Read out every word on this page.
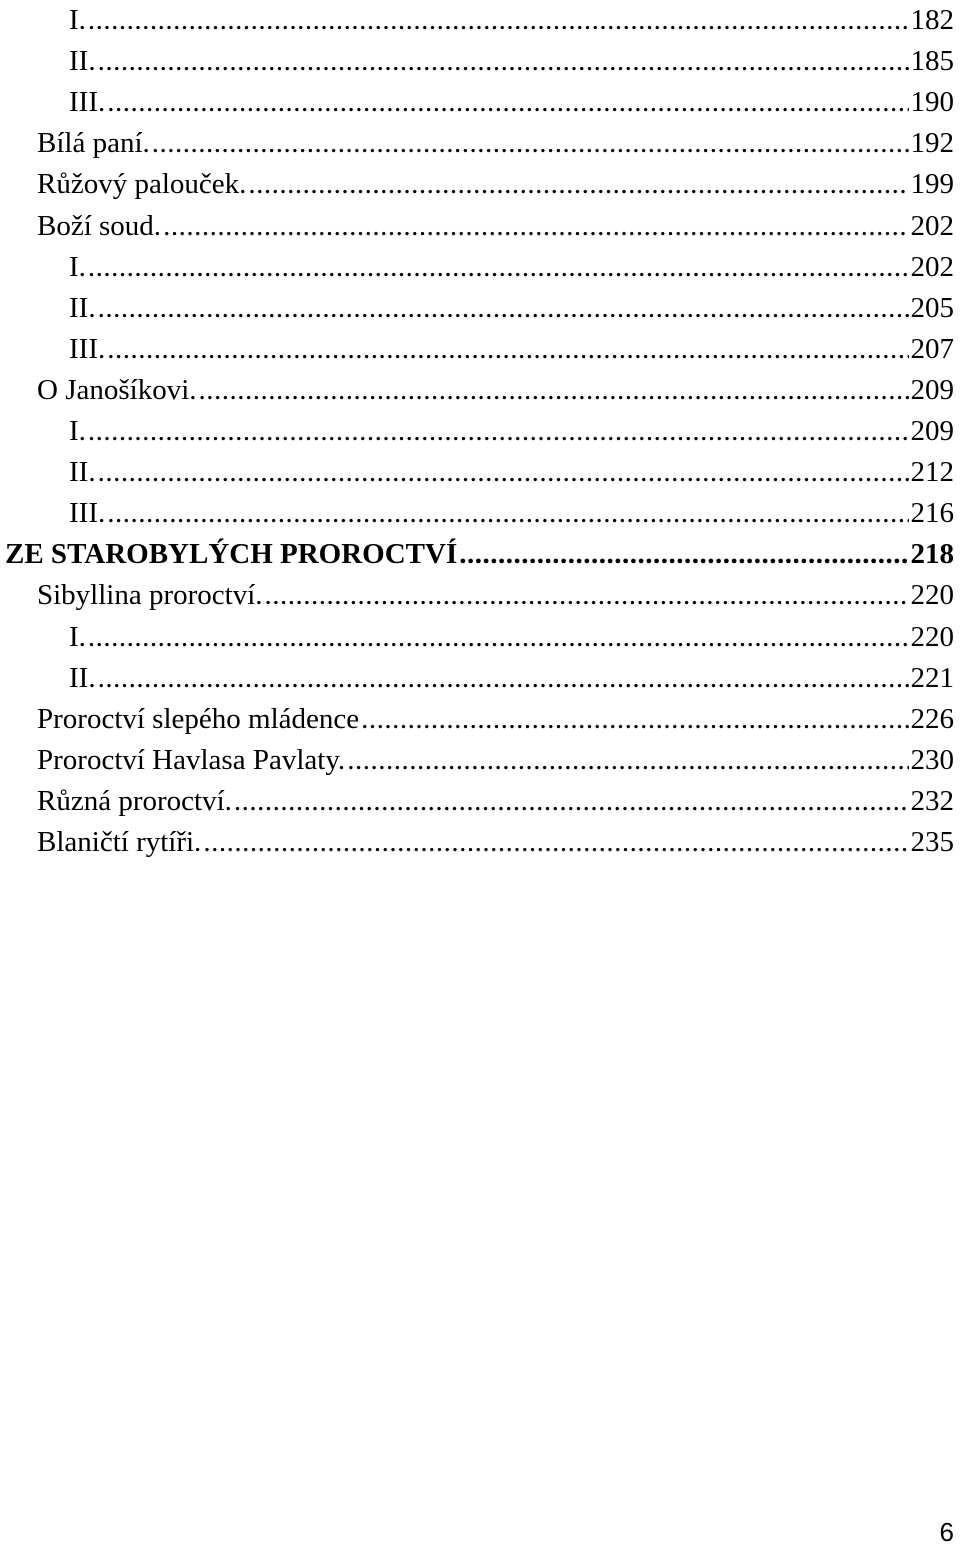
I. .....	182
II. .....	185
III. .....	190
Bílá paní. .....	192
Růžový palouček. .....	199
Boží soud. .....	202
I. .....	202
II. .....	205
III. .....	207
O Janošíkovi. .....	209
I. .....	209
II. .....	212
III. .....	216
ZE STAROBYLÝCH PROROCTVÍ .....	218
Sibyllina proroctví. .....	220
I. .....	220
II. .....	221
Proroctví slepého mládence .....	226
Proroctví Havlasa Pavlaty. .....	230
Různá proroctví. .....	232
Blaničtí rytíři. .....	235
6
